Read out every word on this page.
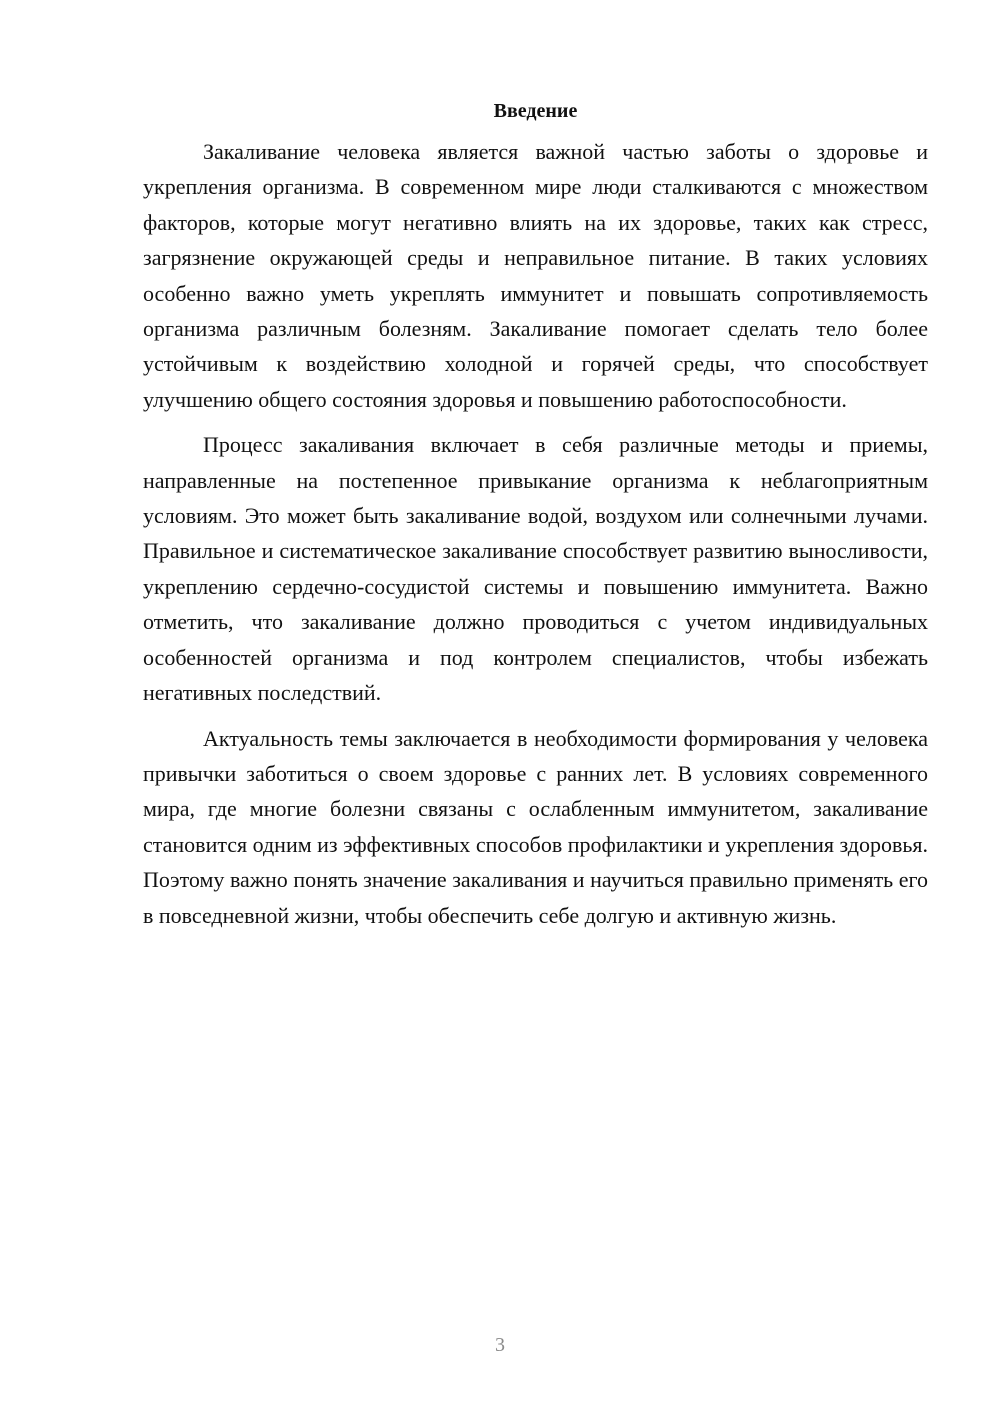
Введение

Закаливание человека является важной частью заботы о здоровье и укрепления организма. В современном мире люди сталкиваются с множеством факторов, которые могут негативно влиять на их здоровье, таких как стресс, загрязнение окружающей среды и неправильное питание. В таких условиях особенно важно уметь укреплять иммунитет и повышать сопротивляемость организма различным болезням. Закаливание помогает сделать тело более устойчивым к воздействию холодной и горячей среды, что способствует улучшению общего состояния здоровья и повышению работоспособности.

Процесс закаливания включает в себя различные методы и приемы, направленные на постепенное привыкание организма к неблагоприятным условиям. Это может быть закаливание водой, воздухом или солнечными лучами. Правильное и систематическое закаливание способствует развитию выносливости, укреплению сердечно-сосудистой системы и повышению иммунитета. Важно отметить, что закаливание должно проводиться с учетом индивидуальных особенностей организма и под контролем специалистов, чтобы избежать негативных последствий.

Актуальность темы заключается в необходимости формирования у человека привычки заботиться о своем здоровье с ранних лет. В условиях современного мира, где многие болезни связаны с ослабленным иммунитетом, закаливание становится одним из эффективных способов профилактики и укрепления здоровья. Поэтому важно понять значение закаливания и научиться правильно применять его в повседневной жизни, чтобы обеспечить себе долгую и активную жизнь.

3
